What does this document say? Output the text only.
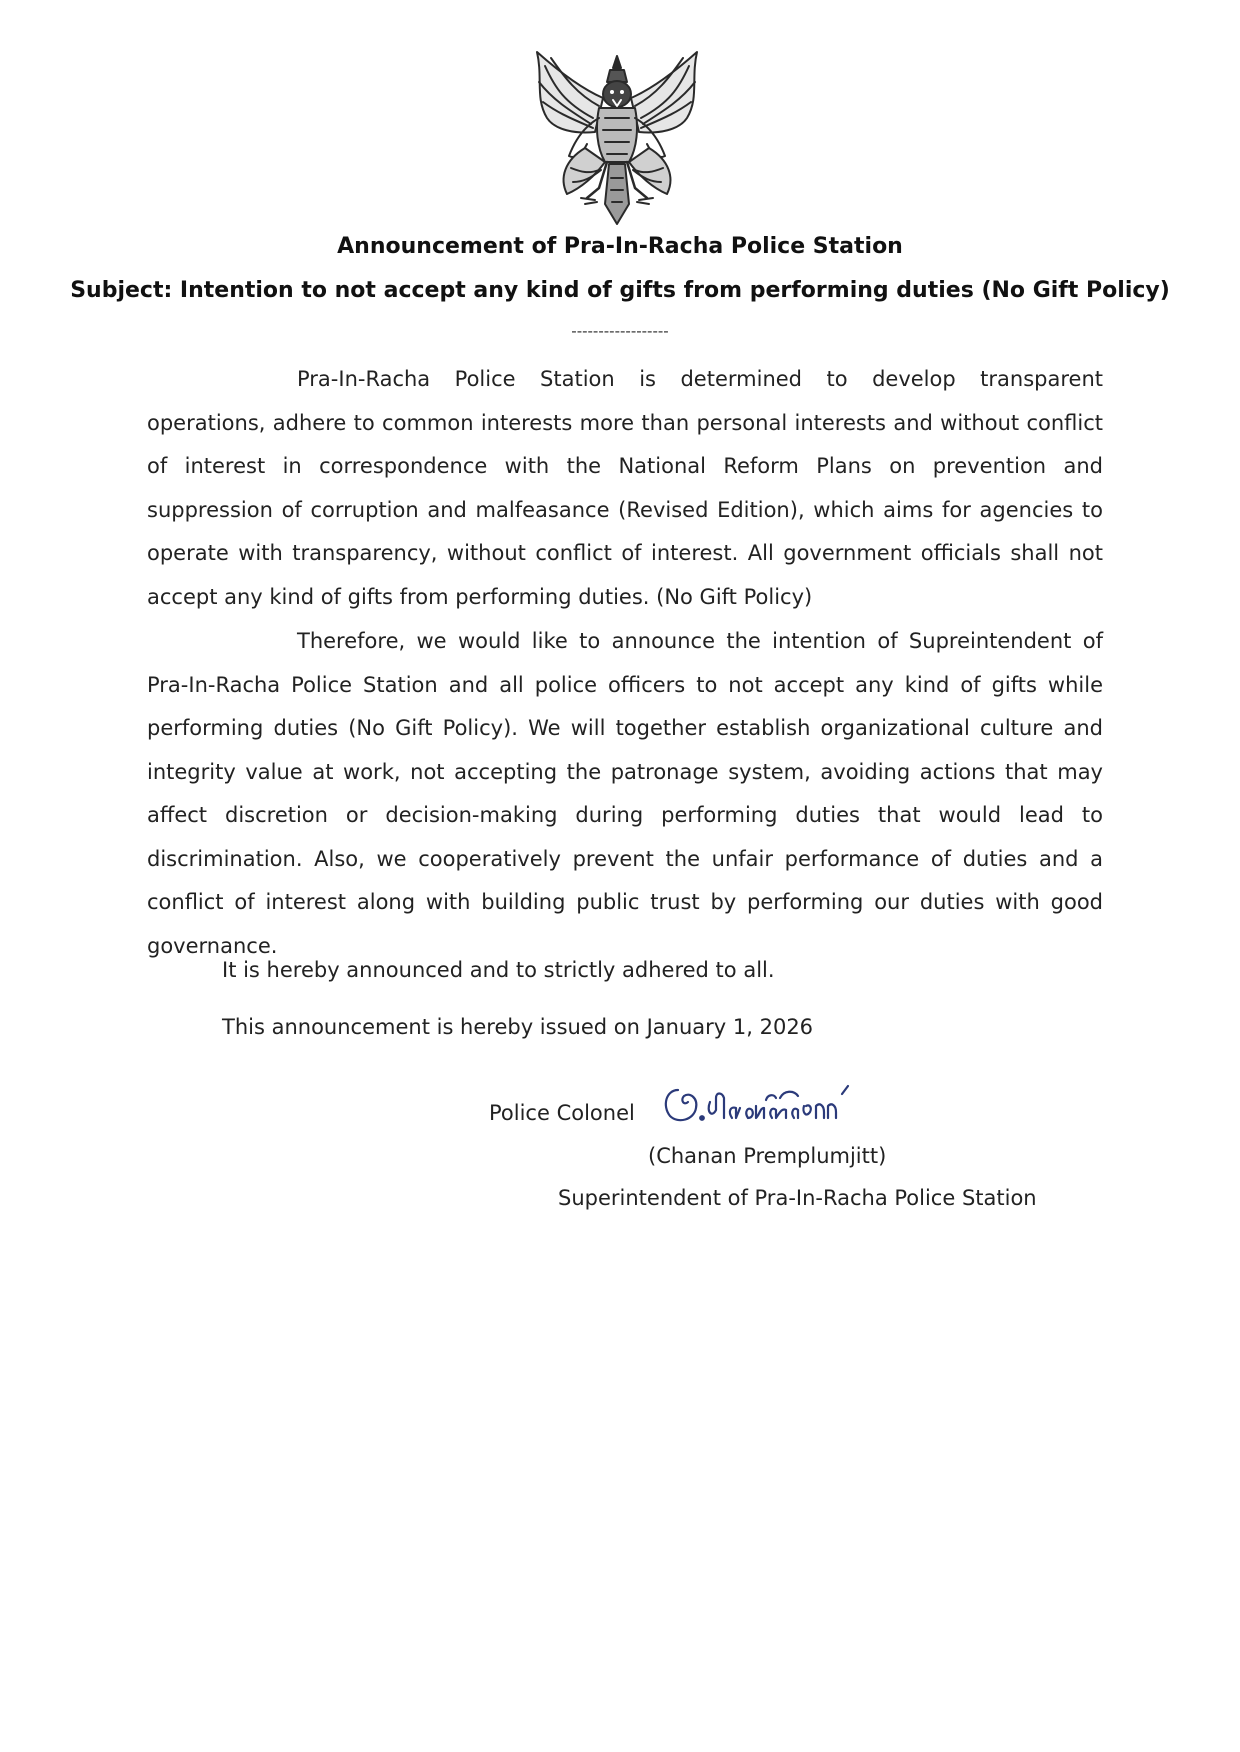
Announcement of Pra-In-Racha Police Station
Subject: Intention to not accept any kind of gifts from performing duties (No Gift Policy)
------------------
Pra-In-Racha Police Station is determined to develop transparent operations, adhere to common interests more than personal interests and without conflict of interest in correspondence with the National Reform Plans on prevention and suppression of corruption and malfeasance (Revised Edition), which aims for agencies to operate with transparency, without conflict of interest. All government officials shall not accept any kind of gifts from performing duties. (No Gift Policy)
Therefore, we would like to announce the intention of Supreintendent of Pra-In-Racha Police Station and all police officers to not accept any kind of gifts while performing duties (No Gift Policy). We will together establish organizational culture and integrity value at work, not accepting the patronage system, avoiding actions that may affect discretion or decision-making during performing duties that would lead to discrimination. Also, we cooperatively prevent the unfair performance of duties and a conflict of interest along with building public trust by performing our duties with good governance.
It is hereby announced and to strictly adhered to all.
This announcement is hereby issued on January 1, 2026
Police Colonel
(Chanan Premplumjitt)
Superintendent of Pra-In-Racha Police Station
